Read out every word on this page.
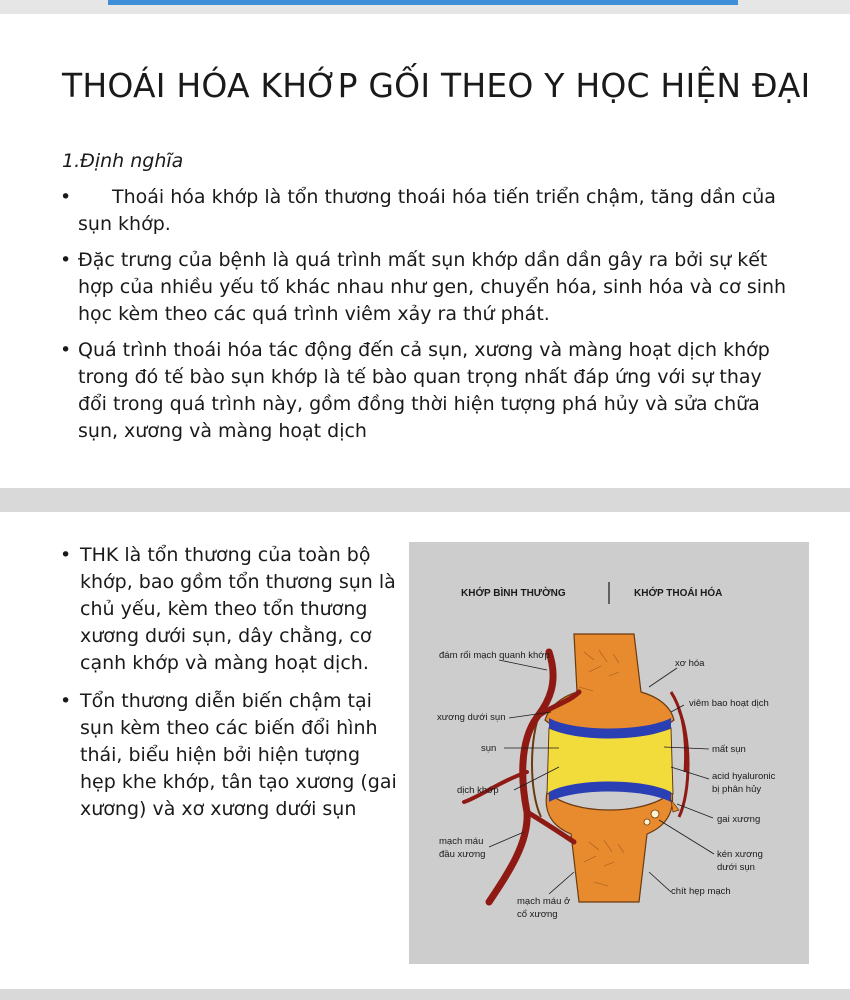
THOÁI HÓA KHỚP GỐI THEO Y HỌC HIỆN ĐẠI
1.Định nghĩa
•	Thoái hóa khớp là tổn thương thoái hóa tiến triển chậm, tăng dần của sụn khớp.
• Đặc trưng của bệnh là quá trình mất sụn khớp dần dần gây ra bởi sự kết hợp của nhiều yếu tố khác nhau như gen, chuyển hóa, sinh hóa và cơ sinh học kèm theo các quá trình viêm xảy ra thứ phát.
• Quá trình thoái hóa tác động đến cả sụn, xương và màng hoạt dịch khớp trong đó tế bào sụn khớp là tế bào quan trọng nhất đáp ứng với sự thay đổi trong quá trình này, gồm đồng thời hiện tượng phá hủy và sửa chữa sụn, xương và màng hoạt dịch
• THK là tổn thương của toàn bộ khớp, bao gồm tổn thương sụn là chủ yếu, kèm theo tổn thương xương dưới sụn, dây chằng, cơ cạnh khớp và màng hoạt dịch.
• Tổn thương diễn biến chậm tại sụn kèm theo các biến đổi hình thái, biểu hiện bởi hiện tượng hẹp khe khớp, tân tạo xương (gai xương) và xơ xương dưới sụn
KHỚP BÌNH THƯỜNG	KHỚP THOÁI HÓA
đám rối mạch quanh khớp
xương dưới sụn
sụn
dịch khớp
mạch máu
đầu xương
mạch máu ở
cổ xương
xơ hóa
viêm bao hoạt dịch
mất sụn
acid hyaluronic
bị phân hủy
gai xương
kén xương
dưới sụn
chít hẹp mạch
